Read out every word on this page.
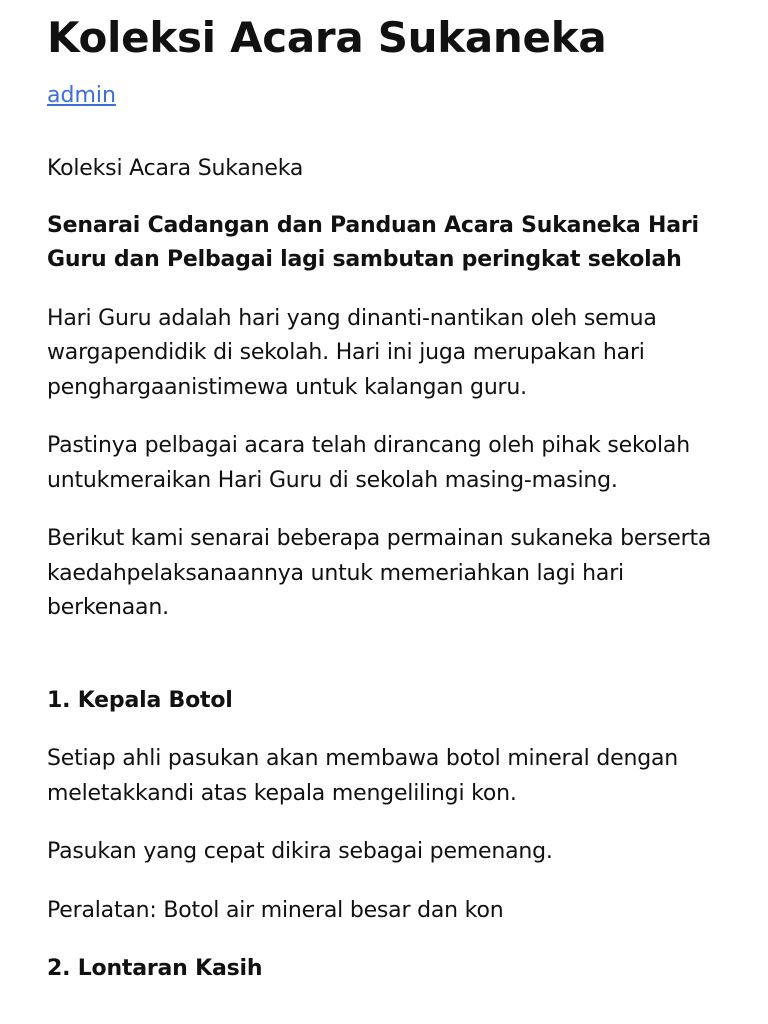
Koleksi Acara Sukaneka
admin

Koleksi Acara Sukaneka

Senarai Cadangan dan Panduan Acara Sukaneka Hari Guru dan Pelbagai lagi sambutan peringkat sekolah

Hari Guru adalah hari yang dinanti-nantikan oleh semua wargapendidik di sekolah. Hari ini juga merupakan hari penghargaanistimewa untuk kalangan guru.

Pastinya pelbagai acara telah dirancang oleh pihak sekolah untukmeraikan Hari Guru di sekolah masing-masing.

Berikut kami senarai beberapa permainan sukaneka berserta kaedahpelaksanaannya untuk memeriahkan lagi hari berkenaan.

1. Kepala Botol

Setiap ahli pasukan akan membawa botol mineral dengan meletakkandi atas kepala mengelilingi kon.

Pasukan yang cepat dikira sebagai pemenang.

Peralatan: Botol air mineral besar dan kon

2. Lontaran Kasih
